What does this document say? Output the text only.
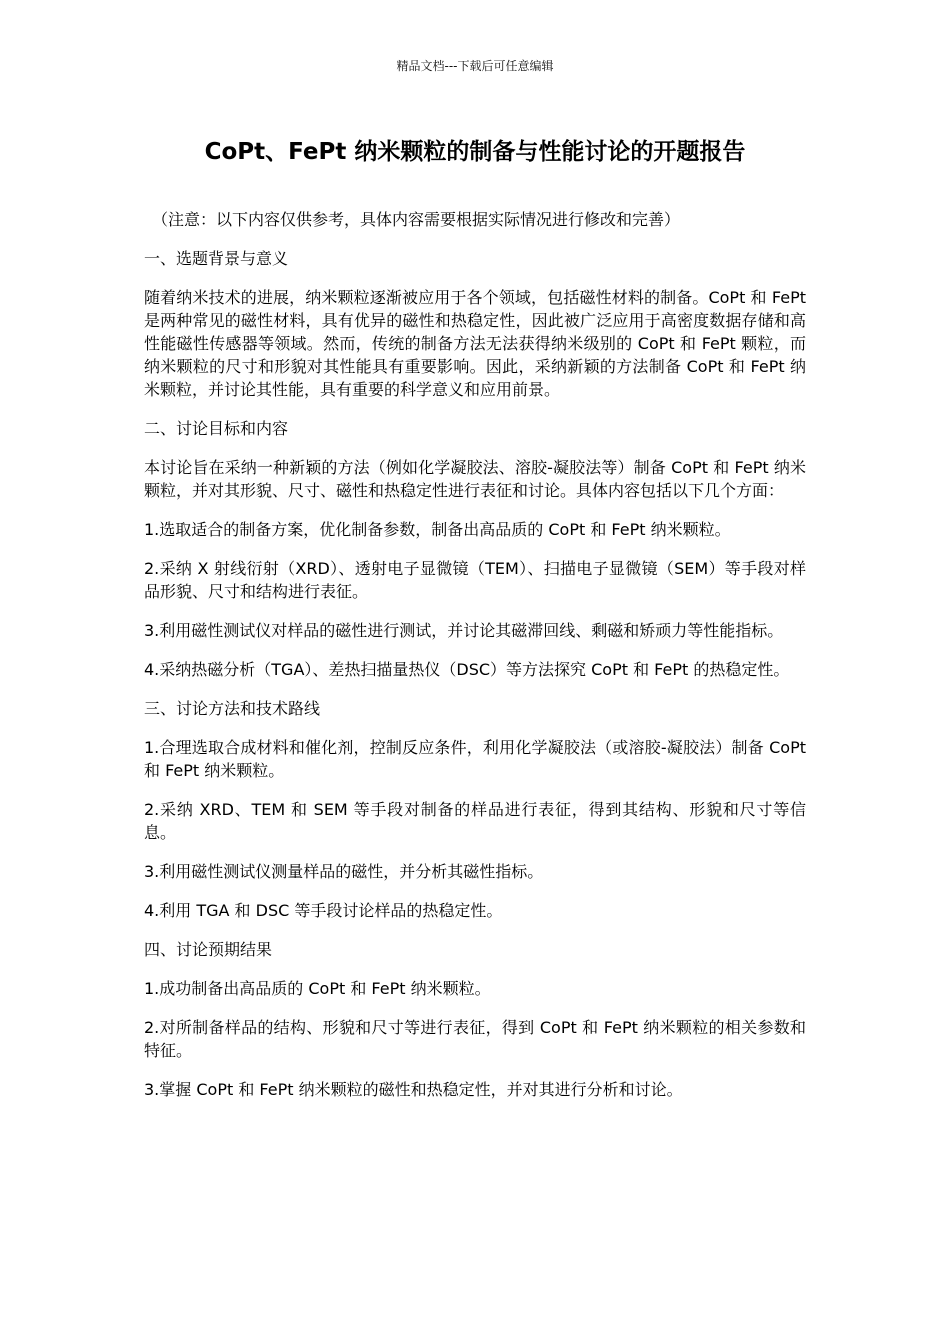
精品文档---下载后可任意编辑
CoPt、FePt 纳米颗粒的制备与性能讨论的开题报告

（注意：以下内容仅供参考，具体内容需要根据实际情况进行修改和完善）

一、选题背景与意义

随着纳米技术的进展，纳米颗粒逐渐被应用于各个领域，包括磁性材料的制备。CoPt 和 FePt 是两种常见的磁性材料，具有优异的磁性和热稳定性，因此被广泛应用于高密度数据存储和高性能磁性传感器等领域。然而，传统的制备方法无法获得纳米级别的 CoPt 和 FePt 颗粒，而纳米颗粒的尺寸和形貌对其性能具有重要影响。因此，采纳新颖的方法制备 CoPt 和 FePt 纳米颗粒，并讨论其性能，具有重要的科学意义和应用前景。

二、讨论目标和内容

本讨论旨在采纳一种新颖的方法（例如化学凝胶法、溶胶-凝胶法等）制备 CoPt 和 FePt 纳米颗粒，并对其形貌、尺寸、磁性和热稳定性进行表征和讨论。具体内容包括以下几个方面：

1.选取适合的制备方案，优化制备参数，制备出高品质的 CoPt 和 FePt 纳米颗粒。

2.采纳 X 射线衍射（XRD）、透射电子显微镜（TEM）、扫描电子显微镜（SEM）等手段对样品形貌、尺寸和结构进行表征。

3.利用磁性测试仪对样品的磁性进行测试，并讨论其磁滞回线、剩磁和矫顽力等性能指标。

4.采纳热磁分析（TGA）、差热扫描量热仪（DSC）等方法探究 CoPt 和 FePt 的热稳定性。

三、讨论方法和技术路线

1.合理选取合成材料和催化剂，控制反应条件，利用化学凝胶法（或溶胶-凝胶法）制备 CoPt 和 FePt 纳米颗粒。

2.采纳 XRD、TEM 和 SEM 等手段对制备的样品进行表征，得到其结构、形貌和尺寸等信息。

3.利用磁性测试仪测量样品的磁性，并分析其磁性指标。

4.利用 TGA 和 DSC 等手段讨论样品的热稳定性。

四、讨论预期结果

1.成功制备出高品质的 CoPt 和 FePt 纳米颗粒。

2.对所制备样品的结构、形貌和尺寸等进行表征，得到 CoPt 和 FePt 纳米颗粒的相关参数和特征。

3.掌握 CoPt 和 FePt 纳米颗粒的磁性和热稳定性，并对其进行分析和讨论。
